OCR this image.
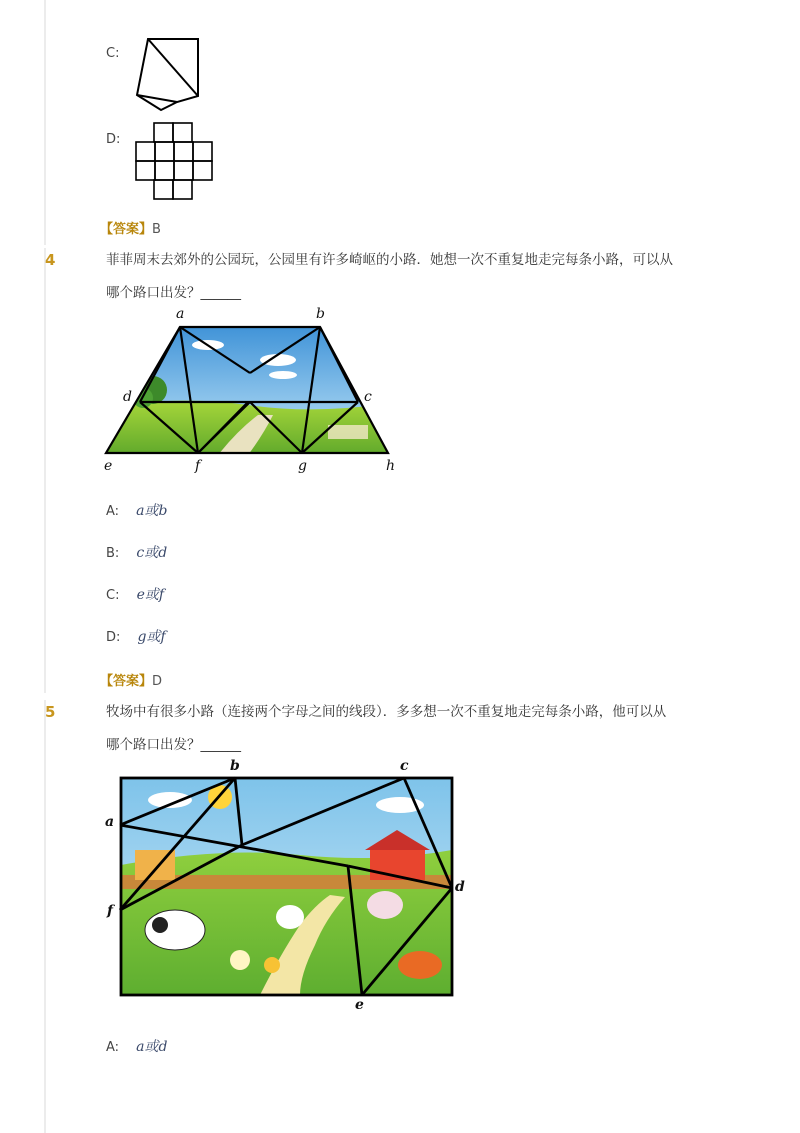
C:
D:
【答案】B
4	菲菲周末去郊外的公园玩，公园里有许多崎岖的小路．她想一次不重复地走完每条小路，可以从
哪个路口出发？______
a	b
c
d
e	f	g	h
A: a或b
B: c或d
C: e或f
D: g或f
【答案】D
5	牧场中有很多小路（连接两个字母之间的线段）．多多想一次不重复地走完每条小路，他可以从
哪个路口出发？______
a
b	c
d
e
f
A: a或d
